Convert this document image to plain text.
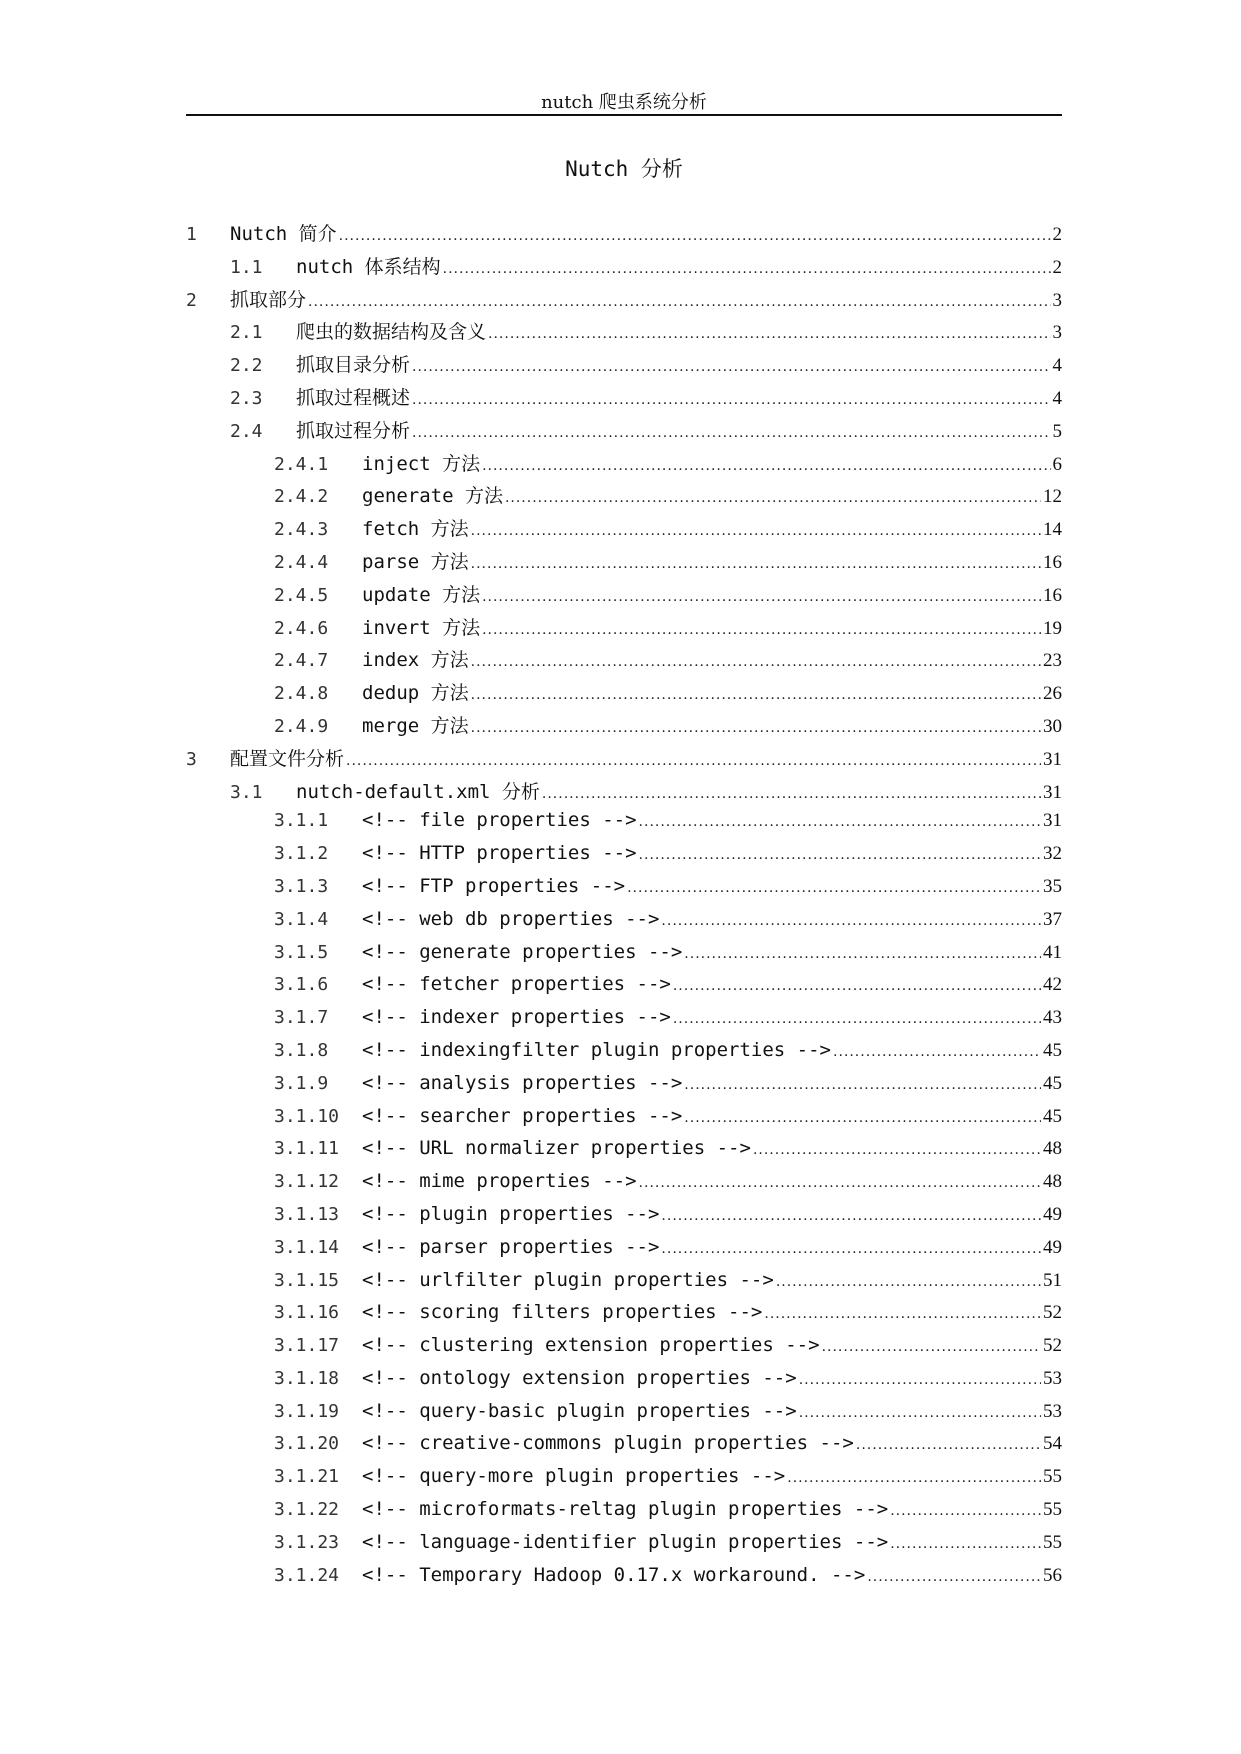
nutch 爬虫系统分析
Nutch 分析
1	Nutch 简介 .....	2
1.1	nutch 体系结构 .....	2
2	抓取部分 .....	3
2.1	爬虫的数据结构及含义 .....	3
2.2	抓取目录分析 .....	4
2.3	抓取过程概述 .....	4
2.4	抓取过程分析 .....	5
2.4.1	inject 方法 .....	6
2.4.2	generate 方法 .....	12
2.4.3	fetch 方法 .....	14
2.4.4	parse 方法 .....	16
2.4.5	update 方法 .....	16
2.4.6	invert 方法 .....	19
2.4.7	index 方法 .....	23
2.4.8	dedup 方法 .....	26
2.4.9	merge 方法 .....	30
3	配置文件分析 .....	31
3.1	nutch-default.xml 分析 .....	31
3.1.1	<!-- file properties --> .....	31
3.1.2	<!-- HTTP properties --> .....	32
3.1.3	<!-- FTP properties --> .....	35
3.1.4	<!-- web db properties --> .....	37
3.1.5	<!-- generate properties --> .....	41
3.1.6	<!-- fetcher properties --> .....	42
3.1.7	<!-- indexer properties --> .....	43
3.1.8	<!-- indexingfilter plugin properties --> .....	45
3.1.9	<!-- analysis properties --> .....	45
3.1.10	<!-- searcher properties --> .....	45
3.1.11	<!-- URL normalizer properties --> .....	48
3.1.12	<!-- mime properties --> .....	48
3.1.13	<!-- plugin properties --> .....	49
3.1.14	<!-- parser properties --> .....	49
3.1.15	<!-- urlfilter plugin properties --> .....	51
3.1.16	<!-- scoring filters properties --> .....	52
3.1.17	<!-- clustering extension properties --> .....	52
3.1.18	<!-- ontology extension properties --> .....	53
3.1.19	<!-- query-basic plugin properties --> .....	53
3.1.20	<!-- creative-commons plugin properties --> .....	54
3.1.21	<!-- query-more plugin properties --> .....	55
3.1.22	<!-- microformats-reltag plugin properties --> .....	55
3.1.23	<!-- language-identifier plugin properties --> .....	55
3.1.24	<!-- Temporary Hadoop 0.17.x workaround. --> .....	56
